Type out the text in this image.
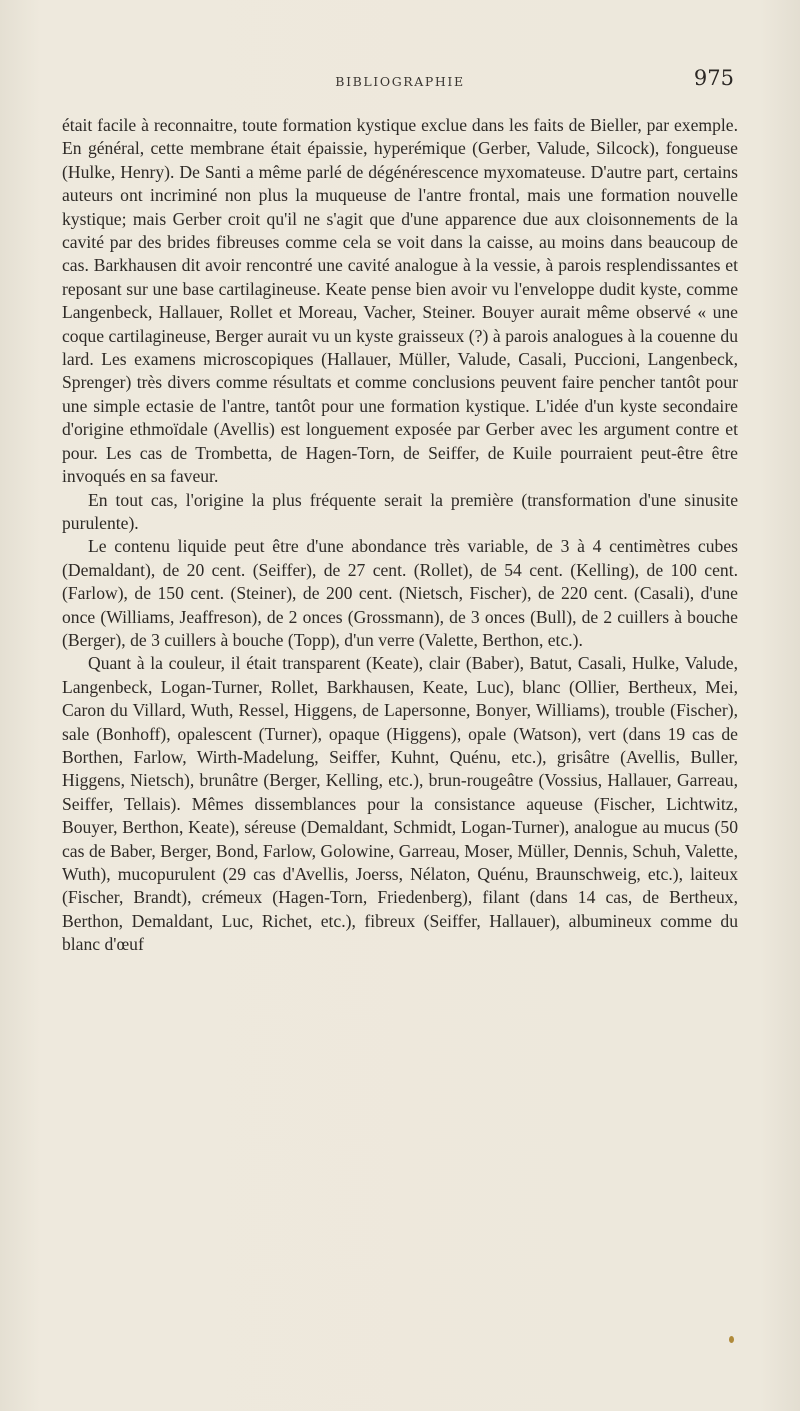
BIBLIOGRAPHIE	975

était facile à reconnaitre, toute formation kystique exclue dans les faits de Bieller, par exemple. En général, cette membrane était épaissie, hyperémique (Gerber, Valude, Silcock), fongueuse (Hulke, Henry). De Santi a même parlé de dégénérescence myxomateuse. D'autre part, certains auteurs ont incriminé non plus la muqueuse de l'antre frontal, mais une formation nouvelle kystique; mais Gerber croit qu'il ne s'agit que d'une apparence due aux cloisonnements de la cavité par des brides fibreuses comme cela se voit dans la caisse, au moins dans beaucoup de cas. Barkhausen dit avoir rencontré une cavité analogue à la vessie, à parois resplendissantes et reposant sur une base cartilagineuse. Keate pense bien avoir vu l'enveloppe dudit kyste, comme Langenbeck, Hallauer, Rollet et Moreau, Vacher, Steiner. Bouyer aurait même observé « une coque cartilagineuse, Berger aurait vu un kyste graisseux (?) à parois analogues à la couenne du lard. Les examens microscopiques (Hallauer, Müller, Valude, Casali, Puccioni, Langenbeck, Sprenger) très divers comme résultats et comme conclusions peuvent faire pencher tantôt pour une simple ectasie de l'antre, tantôt pour une formation kystique. L'idée d'un kyste secondaire d'origine ethmoïdale (Avellis) est longuement exposée par Gerber avec les argument contre et pour. Les cas de Trombetta, de Hagen-Torn, de Seiffer, de Kuile pourraient peut-être être invoqués en sa faveur.

En tout cas, l'origine la plus fréquente serait la première (transformation d'une sinusite purulente).

Le contenu liquide peut être d'une abondance très variable, de 3 à 4 centimètres cubes (Demaldant), de 20 cent. (Seiffer), de 27 cent. (Rollet), de 54 cent. (Kelling), de 100 cent. (Farlow), de 150 cent. (Steiner), de 200 cent. (Nietsch, Fischer), de 220 cent. (Casali), d'une once (Williams, Jeaffreson), de 2 onces (Grossmann), de 3 onces (Bull), de 2 cuillers à bouche (Berger), de 3 cuillers à bouche (Topp), d'un verre (Valette, Berthon, etc.).

Quant à la couleur, il était transparent (Keate), clair (Baber), Batut, Casali, Hulke, Valude, Langenbeck, Logan-Turner, Rollet, Barkhausen, Keate, Luc), blanc (Ollier, Bertheux, Mei, Caron du Villard, Wuth, Ressel, Higgens, de Lapersonne, Bonyer, Williams), trouble (Fischer), sale (Bonhoff), opalescent (Turner), opaque (Higgens), opale (Watson), vert (dans 19 cas de Borthen, Farlow, Wirth-Madelung, Seiffer, Kuhnt, Quénu, etc.), grisâtre (Avellis, Buller, Higgens, Nietsch), brunâtre (Berger, Kelling, etc.), brun-rougeâtre (Vossius, Hallauer, Garreau, Seiffer, Tellais). Mêmes dissemblances pour la consistance aqueuse (Fischer, Lichtwitz, Bouyer, Berthon, Keate), séreuse (Demaldant, Schmidt, Logan-Turner), analogue au mucus (50 cas de Baber, Berger, Bond, Farlow, Golowine, Garreau, Moser, Müller, Dennis, Schuh, Valette, Wuth), mucopurulent (29 cas d'Avellis, Joerss, Nélaton, Quénu, Braunschweig, etc.), laiteux (Fischer, Brandt), crémeux (Hagen-Torn, Friedenberg), filant (dans 14 cas, de Bertheux, Berthon, Demaldant, Luc, Richet, etc.), fibreux (Seiffer, Hallauer), albumineux comme du blanc d'œuf
